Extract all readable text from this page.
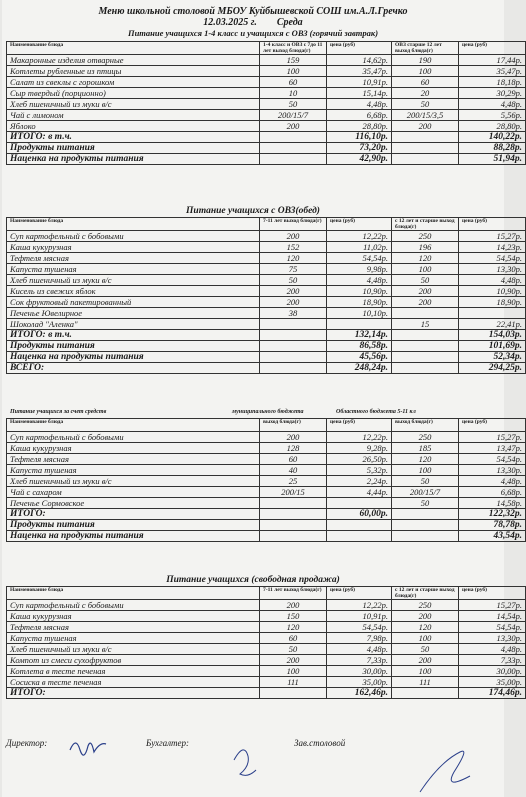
Меню школьной столовой МБОУ Куйбышевской СОШ им.А.Л.Гречко
12.03.2025 г. Среда
Питание учащихся 1-4 класс и учащихся с ОВЗ (горячий завтрак)
Наименование блюда	1-4 класс и ОВЗ с 7до 11 лет выход блюда(г)	цена (руб)	ОВЗ старше 12 лет выход блюда(г)	цена (руб)
Макаронные изделия отварные	159	14,62р.	190	17,44р.
Котлеты рубленные из птицы	100	35,47р.	100	35,47р.
Салат из свеклы с горошком	60	10,91р.	60	18,18р.
Сыр твердый (порционно)	10	15,14р.	20	30,29р.
Хлеб пшеничный из муки в/с	50	4,48р.	50	4,48р.
Чай с лимоном	200/15/7	6,68р.	200/15/3,5	5,56р.
Яблоко	200	28,80р.	200	28,80р.
ИТОГО: в т.ч.		116,10р.		140,22р.
Продукты питания		73,20р.		88,28р.
Наценка на продукты питания		42,90р.		51,94р.
Питание учащихся с ОВЗ(обед)
Наименование блюда	7-11 лет выход блюда(г)	цена (руб)	с 12 лет и старше выход блюда(г)	цена (руб)
Суп картофельный с бобовыми	200	12,22р.	250	15,27р.
Каша кукурузная	152	11,02р.	196	14,23р.
Тефтеля мясная	120	54,54р.	120	54,54р.
Капуста тушеная	75	9,98р.	100	13,30р.
Хлеб пшеничный из муки в/с	50	4,48р.	50	4,48р.
Кисель из свежих яблок	200	10,90р.	200	10,90р.
Сок фруктовый пакетированный	200	18,90р.	200	18,90р.
Печенье Ювелирное	38	10,10р.		
Шоколад "Аленка"			15	22,41р.
ИТОГО: в т.ч.		132,14р.		154,03р.
Продукты питания		86,58р.		101,69р.
Наценка на продукты питания		45,56р.		52,34р.
ВСЕГО:		248,24р.		294,25р.
Питание учащихся за счет средств	муниципального бюджета	Областного бюджета 5-11 кл
Наименование блюда	выход блюда(г)	цена (руб)	выход блюда(г)	цена (руб)
Суп картофельный с бобовыми	200	12,22р.	250	15,27р.
Каша кукурузная	128	9,28р.	185	13,47р.
Тефтеля мясная	60	26,50р.	120	54,54р.
Капуста тушеная	40	5,32р.	100	13,30р.
Хлеб пшеничный из муки в/с	25	2,24р.	50	4,48р.
Чай с сахаром	200/15	4,44р.	200/15/7	6,68р.
Печенье Сормовское			50	14,58р.
ИТОГО:		60,00р.		122,32р.
Продукты питания				78,78р.
Наценка на продукты питания				43,54р.
Питание учащихся (свободная продажа)
Наименование блюда	7-11 лет выход блюда(г)	цена (руб)	с 12 лет и старше выход блюда(г)	цена (руб)
Суп картофельный с бобовыми	200	12,22р.	250	15,27р.
Каша кукурузная	150	10,91р.	200	14,54р.
Тефтеля мясная	120	54,54р.	120	54,54р.
Капуста тушеная	60	7,98р.	100	13,30р.
Хлеб пшеничный из муки в/с	50	4,48р.	50	4,48р.
Компот из смеси сухофруктов	200	7,33р.	200	7,33р.
Котлета в тесте печеная	100	30,00р.	100	30,00р.
Сосиска в тесте печеная	111	35,00р.	111	35,00р.
ИТОГО:		162,46р.		174,46р.
Директор:	Бухгалтер:	Зав.столовой
